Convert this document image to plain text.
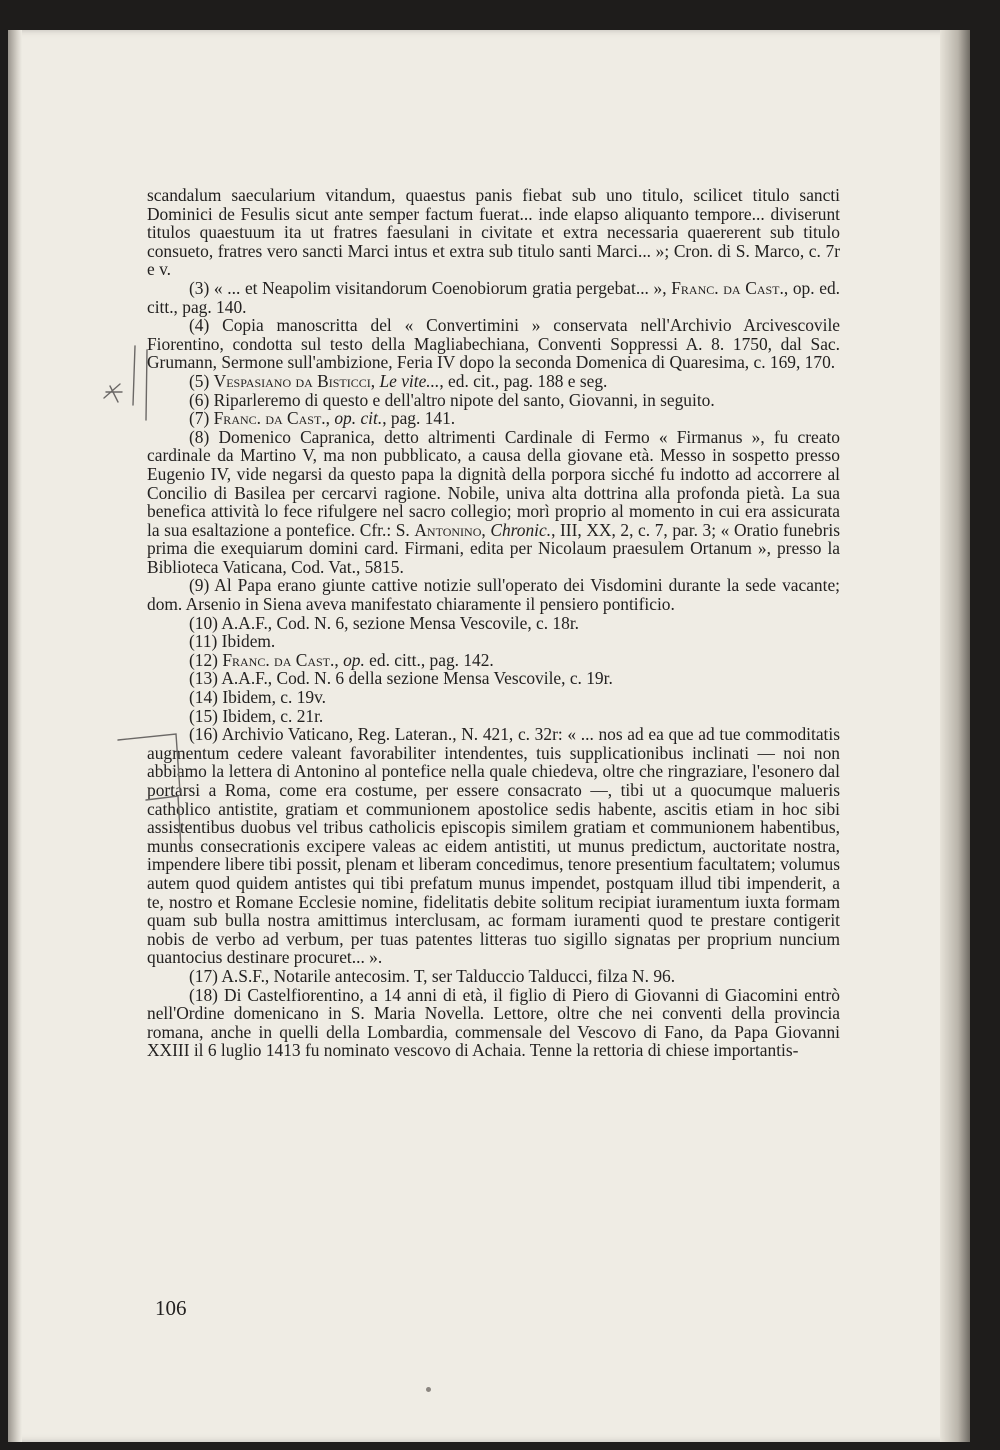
scandalum saecularium vitandum, quaestus panis fiebat sub uno titulo, scilicet titulo sancti Dominici de Fesulis sicut ante semper factum fuerat... inde elapso aliquanto tempore... diviserunt titulos quaestuum ita ut fratres faesulani in civitate et extra necessaria quaererent sub titulo consueto, fratres vero sancti Marci intus et extra sub titulo santi Marci... »; Cron. di S. Marco, c. 7r e v.

(3) « ... et Neapolim visitandorum Coenobiorum gratia pergebat... », Franc. da Cast., op. ed. citt., pag. 140.

(4) Copia manoscritta del « Convertimini » conservata nell'Archivio Arcivescovile Fiorentino, condotta sul testo della Magliabechiana, Conventi Soppressi A. 8. 1750, dal Sac. Grumann, Sermone sull'ambizione, Feria IV dopo la seconda Domenica di Quaresima, c. 169, 170.

(5) Vespasiano da Bisticci, Le vite..., ed. cit., pag. 188 e seg.

(6) Riparleremo di questo e dell'altro nipote del santo, Giovanni, in seguito.

(7) Franc. da Cast., op. cit., pag. 141.

(8) Domenico Capranica, detto altrimenti Cardinale di Fermo « Firmanus », fu creato cardinale da Martino V, ma non pubblicato, a causa della giovane età. Messo in sospetto presso Eugenio IV, vide negarsi da questo papa la dignità della porpora sicché fu indotto ad accorrere al Concilio di Basilea per cercarvi ragione. Nobile, univa alta dottrina alla profonda pietà. La sua benefica attività lo fece rifulgere nel sacro collegio; morì proprio al momento in cui era assicurata la sua esaltazione a pontefice. Cfr.: S. Antonino, Chronic., III, XX, 2, c. 7, par. 3; « Oratio funebris prima die exequiarum domini card. Firmani, edita per Nicolaum praesulem Ortanum », presso la Biblioteca Vaticana, Cod. Vat., 5815.

(9) Al Papa erano giunte cattive notizie sull'operato dei Visdomini durante la sede vacante; dom. Arsenio in Siena aveva manifestato chiaramente il pensiero pontificio.

(10) A.A.F., Cod. N. 6, sezione Mensa Vescovile, c. 18r.

(11) Ibidem.

(12) Franc. da Cast., op. ed. citt., pag. 142.

(13) A.A.F., Cod. N. 6 della sezione Mensa Vescovile, c. 19r.

(14) Ibidem, c. 19v.

(15) Ibidem, c. 21r.

(16) Archivio Vaticano, Reg. Lateran., N. 421, c. 32r: « ... nos ad ea que ad tue commoditatis augmentum cedere valeant favorabiliter intendentes, tuis supplicationibus inclinati — noi non abbiamo la lettera di Antonino al pontefice nella quale chiedeva, oltre che ringraziare, l'esonero dal portarsi a Roma, come era costume, per essere consacrato —, tibi ut a quocumque malueris catholico antistite, gratiam et communionem apostolice sedis habente, ascitis etiam in hoc sibi assistentibus duobus vel tribus catholicis episcopis similem gratiam et communionem habentibus, munus consecrationis excipere valeas ac eidem antistiti, ut munus predictum, auctoritate nostra, impendere libere tibi possit, plenam et liberam concedimus, tenore presentium facultatem; volumus autem quod quidem antistes qui tibi prefatum munus impendet, postquam illud tibi impenderit, a te, nostro et Romane Ecclesie nomine, fidelitatis debite solitum recipiat iuramentum iuxta formam quam sub bulla nostra amittimus interclusam, ac formam iuramenti quod te prestare contigerit nobis de verbo ad verbum, per tuas patentes litteras tuo sigillo signatas per proprium nuncium quantocius destinare procuret... ».

(17) A.S.F., Notarile antecosim. T, ser Talduccio Talducci, filza N. 96.

(18) Di Castelfiorentino, a 14 anni di età, il figlio di Piero di Giovanni di Giacomini entrò nell'Ordine domenicano in S. Maria Novella. Lettore, oltre che nei conventi della provincia romana, anche in quelli della Lombardia, commensale del Vescovo di Fano, da Papa Giovanni XXIII il 6 luglio 1413 fu nominato vescovo di Achaia. Tenne la rettoria di chiese importantis-

106
